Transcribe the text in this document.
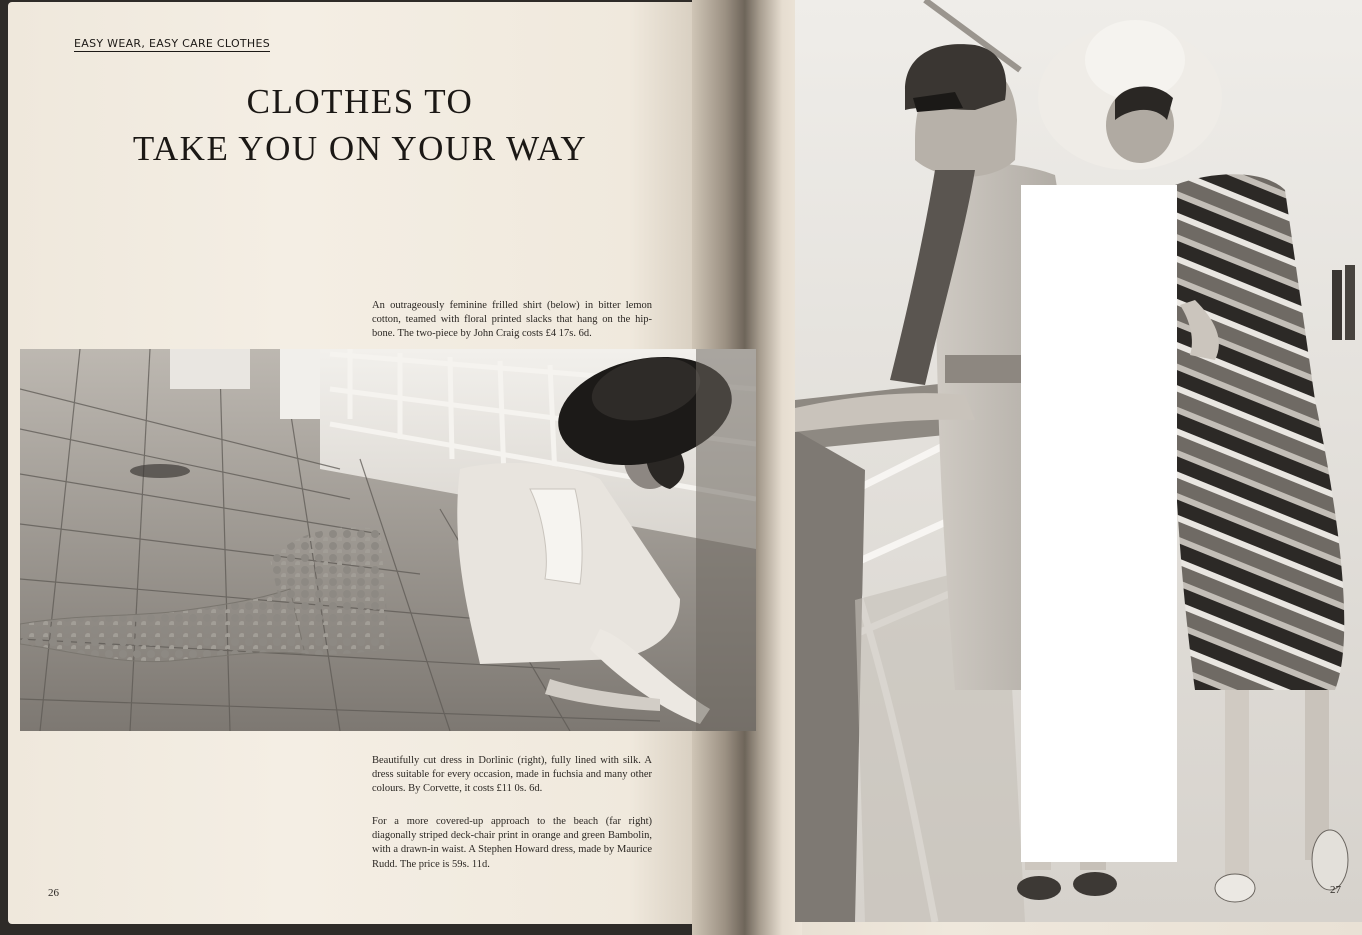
EASY WEAR, EASY CARE CLOTHES
CLOTHES TO
TAKE YOU ON YOUR WAY

An outrageously feminine frilled shirt (below) in bitter lemon cotton, teamed with floral printed slacks that hang on the hip-bone. The two-piece by John Craig costs £4 17s. 6d.

Beautifully cut dress in Dorlinic (right), fully lined with silk. A dress suitable for every occasion, made in fuchsia and many other colours. By Corvette, it costs £11 0s. 6d.

For a more covered-up approach to the beach (far right) diagonally striped deck-chair print in orange and green Bambolin, with a drawn-in waist. A Stephen Howard dress, made by Maurice Rudd. The price is 59s. 11d.

26	27
